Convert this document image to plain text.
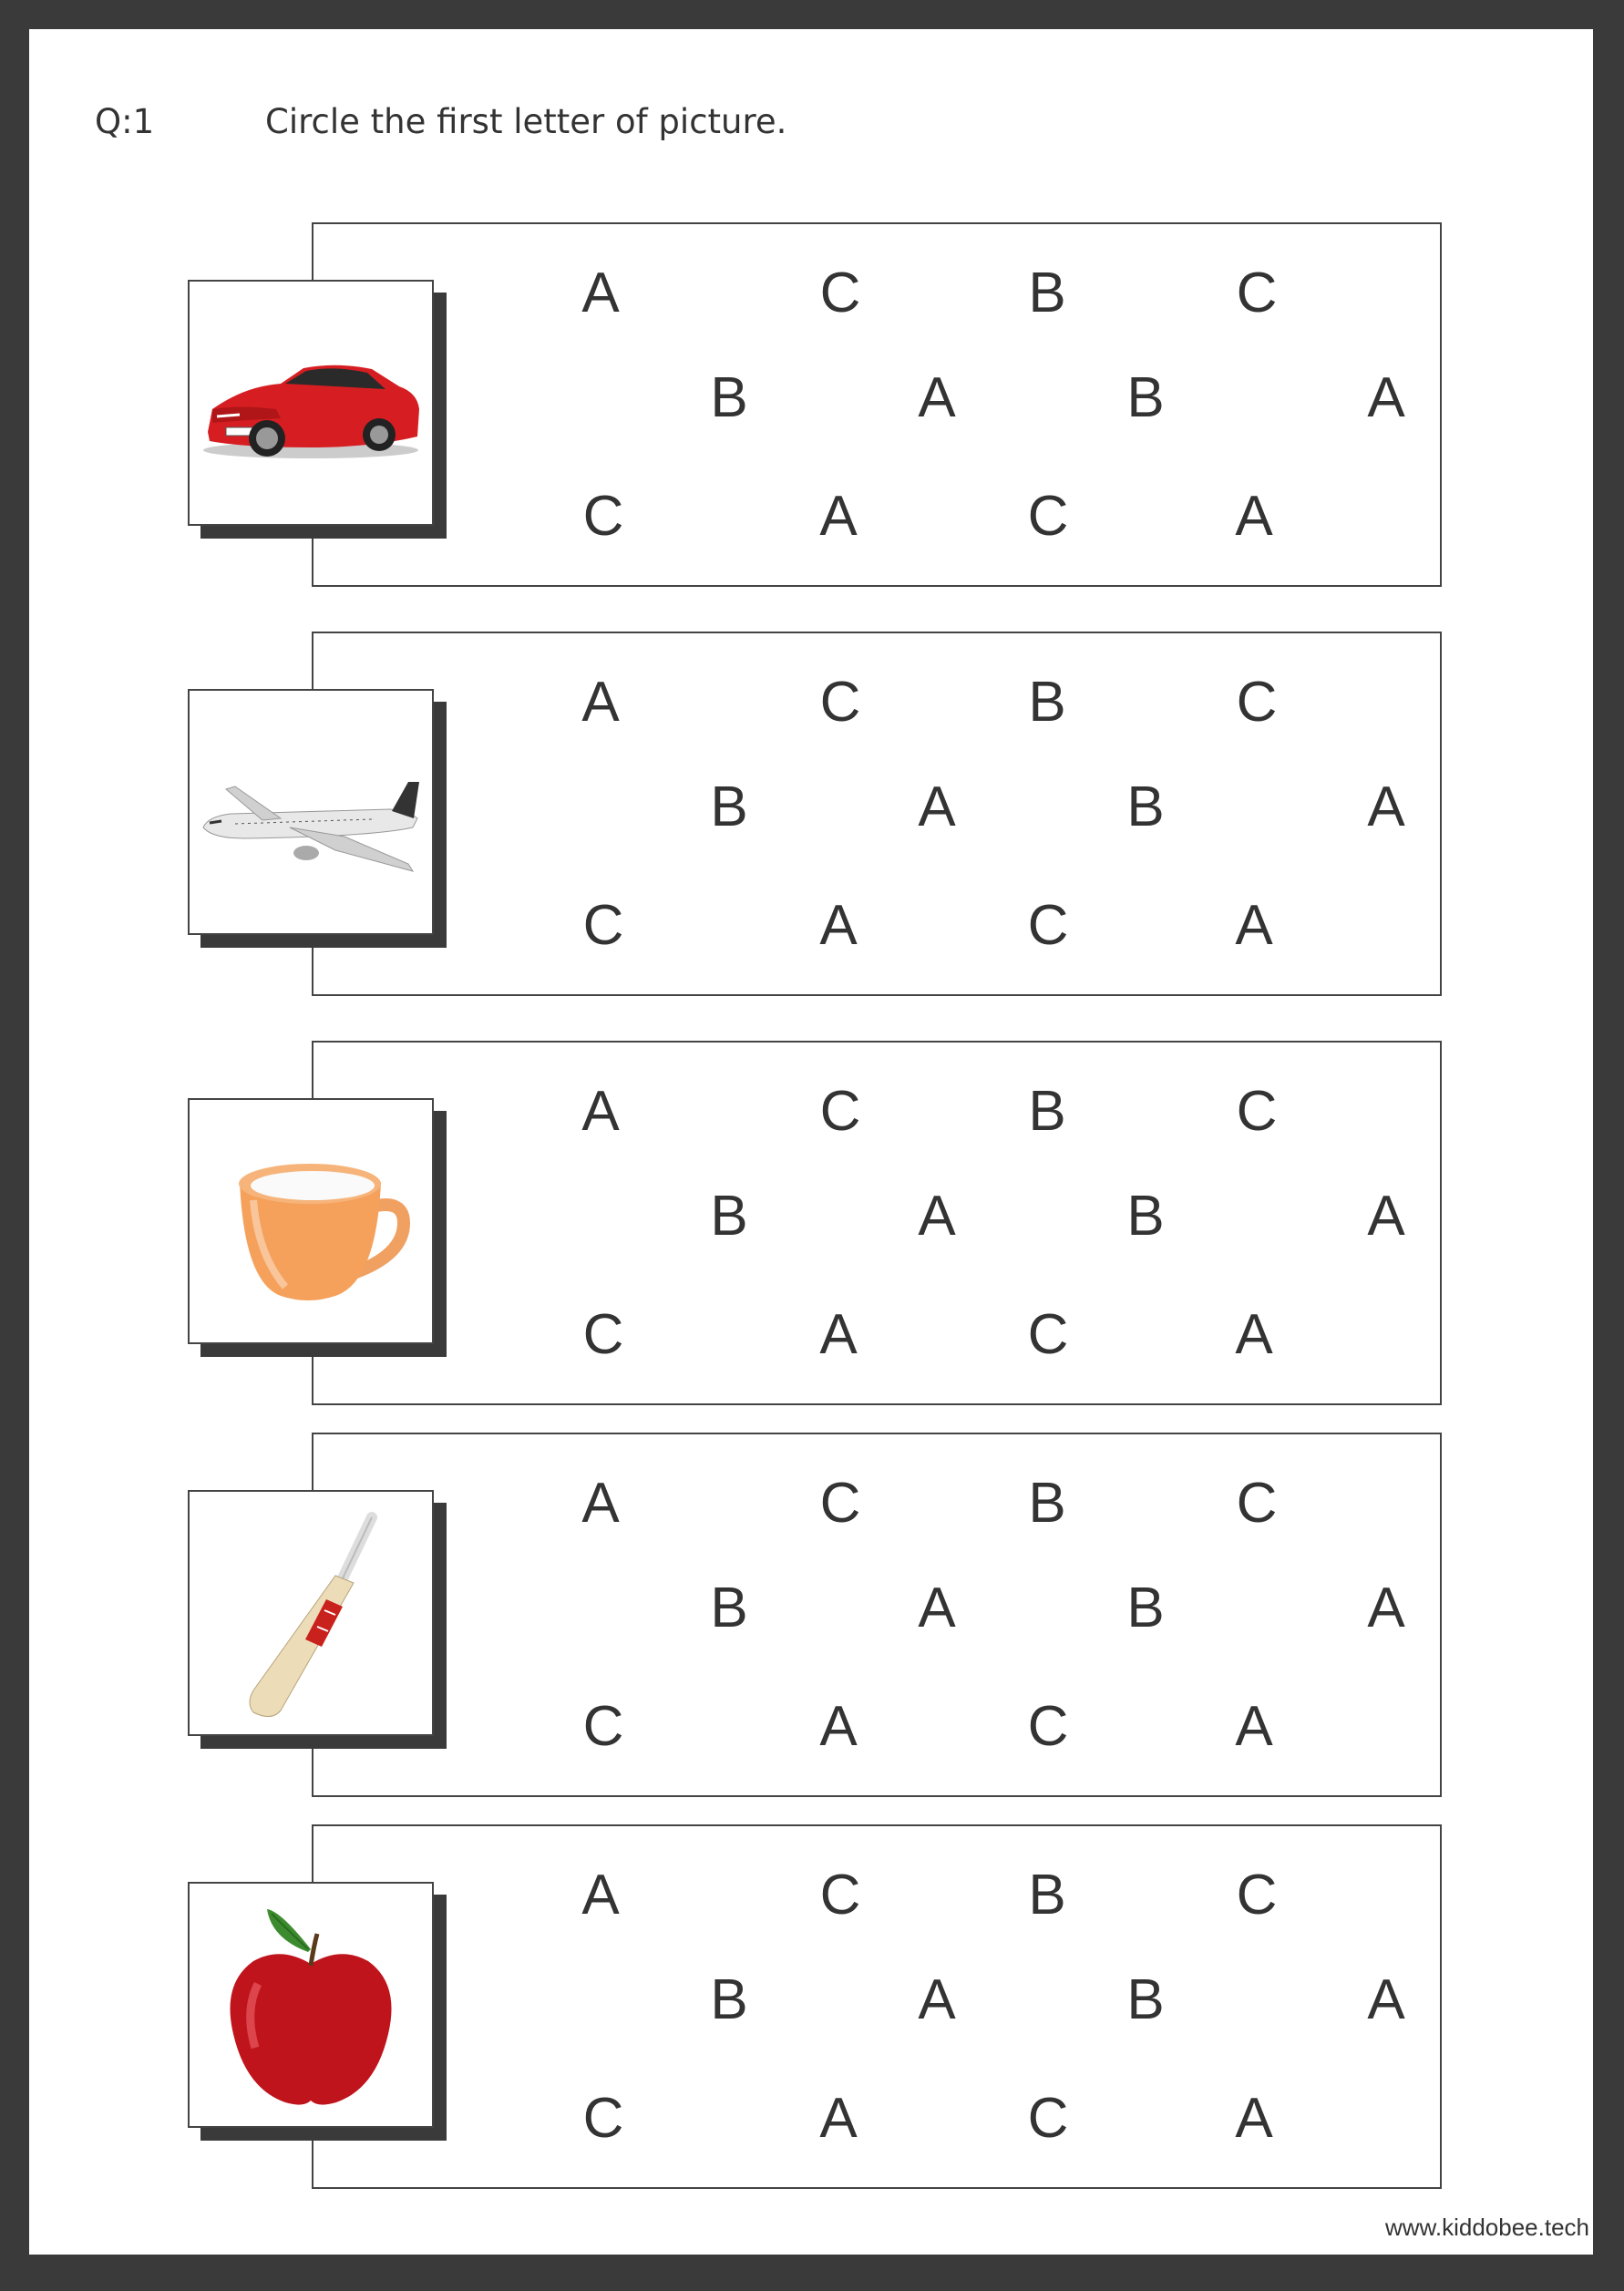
Q:1	Circle the first letter of picture.
A	C	B	C
B	A	B	A
C	A	C	A
A	C	B	C
B	A	B	A
C	A	C	A
A	C	B	C
B	A	B	A
C	A	C	A
A	C	B	C
B	A	B	A
C	A	C	A
A	C	B	C
B	A	B	A
C	A	C	A
www.kiddobee.tech
